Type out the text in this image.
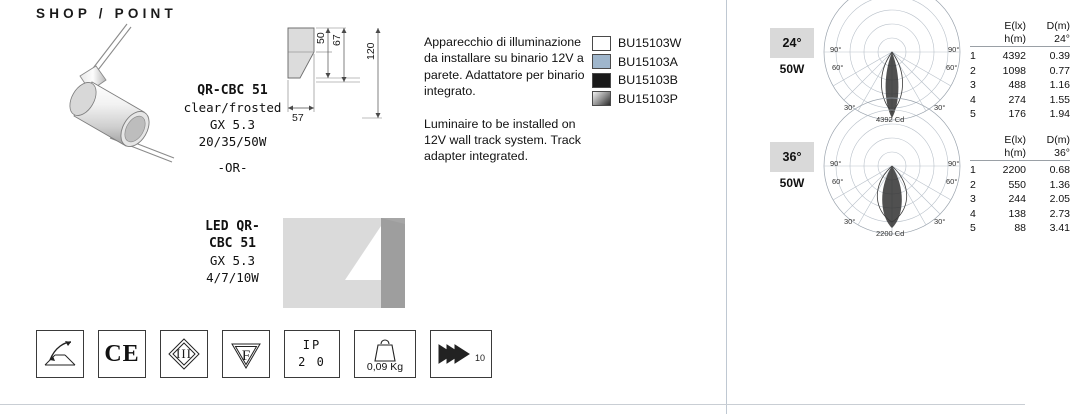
SHOP / POINT
QR-CBC 51
clear/frosted
GX 5.3
20/35/50W
-OR-
LED QR-
CBC 51
GX 5.3
4/7/10W
50 67
120
57

Apparecchio di illuminazione da installare su binario 12V a parete. Adattatore per binario integrato.

Luminaire to be installed on 12V wall track system. Track adapter integrated.

BU15103W
BU15103A
BU15103B
BU15103P
CE	III	F
IP
2 0	0,09 Kg
10
24°
50W
90°	90°
60°	60°
30°	30°
4392 Cd
E(lx)	D(m)
h(m)	24°
1	4392	0.39
2	1098	0.77
3	488	1.16
4	274	1.55
5	176	1.94
36°
50W
90°	90°
60°	60°
30°	30°
2200 Cd
E(lx)	D(m)
h(m)	36°
1	2200	0.68
2	550	1.36
3	244	2.05
4	138	2.73
5	88	3.41
